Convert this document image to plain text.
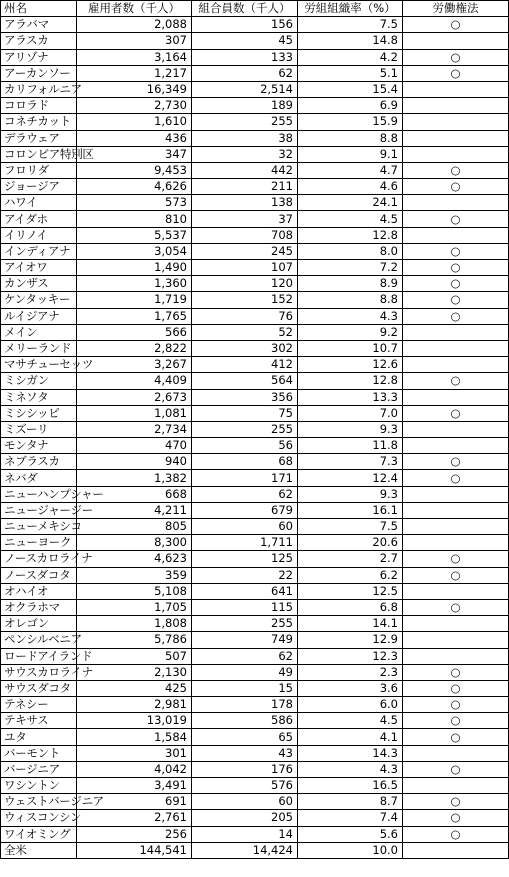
州名	雇用者数（千人）	組合員数（千人）	労組組織率（%）	労働権法
アラバマ	2,088	156	7.5	○
アラスカ	307	45	14.8	
アリゾナ	3,164	133	4.2	○
アーカンソー	1,217	62	5.1	○
カリフォルニア	16,349	2,514	15.4	
コロラド	2,730	189	6.9	
コネチカット	1,610	255	15.9	
デラウェア	436	38	8.8	
コロンビア特別区	347	32	9.1	
フロリダ	9,453	442	4.7	○
ジョージア	4,626	211	4.6	○
ハワイ	573	138	24.1	
アイダホ	810	37	4.5	○
イリノイ	5,537	708	12.8	
インディアナ	3,054	245	8.0	○
アイオワ	1,490	107	7.2	○
カンザス	1,360	120	8.9	○
ケンタッキー	1,719	152	8.8	○
ルイジアナ	1,765	76	4.3	○
メイン	566	52	9.2	
メリーランド	2,822	302	10.7	
マサチューセッツ	3,267	412	12.6	
ミシガン	4,409	564	12.8	○
ミネソタ	2,673	356	13.3	
ミシシッピ	1,081	75	7.0	○
ミズーリ	2,734	255	9.3	
モンタナ	470	56	11.8	
ネブラスカ	940	68	7.3	○
ネバダ	1,382	171	12.4	○
ニューハンプシャー	668	62	9.3	
ニュージャージー	4,211	679	16.1	
ニューメキシコ	805	60	7.5	
ニューヨーク	8,300	1,711	20.6	
ノースカロライナ	4,623	125	2.7	○
ノースダコタ	359	22	6.2	○
オハイオ	5,108	641	12.5	
オクラホマ	1,705	115	6.8	○
オレゴン	1,808	255	14.1	
ペンシルベニア	5,786	749	12.9	
ロードアイランド	507	62	12.3	
サウスカロライナ	2,130	49	2.3	○
サウスダコタ	425	15	3.6	○
テネシー	2,981	178	6.0	○
テキサス	13,019	586	4.5	○
ユタ	1,584	65	4.1	○
バーモント	301	43	14.3	
バージニア	4,042	176	4.3	○
ワシントン	3,491	576	16.5	
ウェストバージニア	691	60	8.7	○
ウィスコンシン	2,761	205	7.4	○
ワイオミング	256	14	5.6	○
全米	144,541	14,424	10.0	
